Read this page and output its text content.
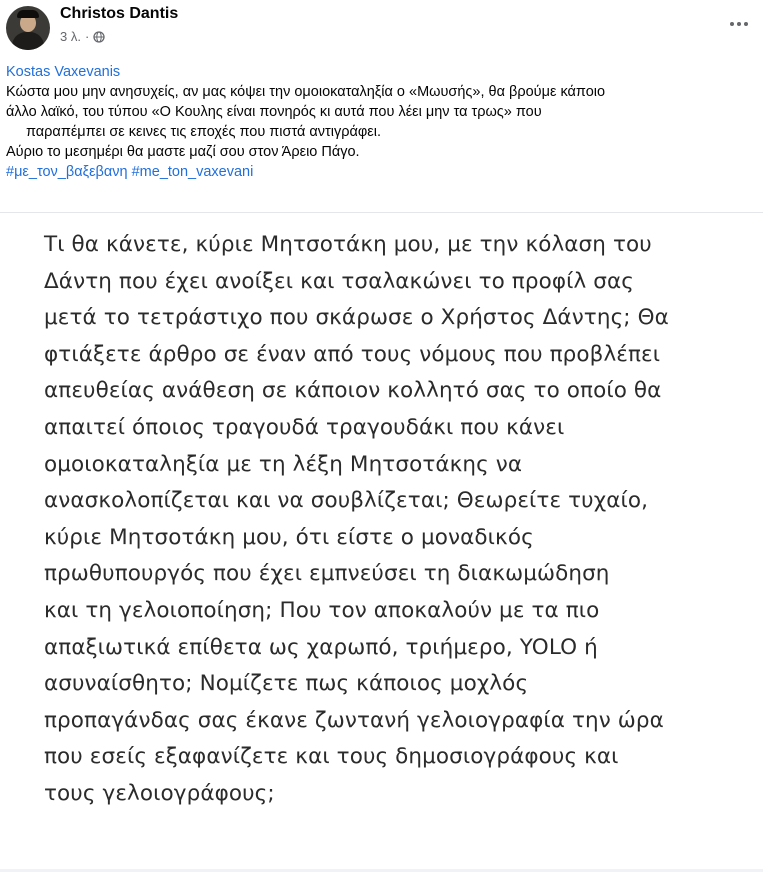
Christos Dantis
3 λ. ·
Kostas Vaxevanis
Κώστα μου μην ανησυχείς, αν μας κόψει την ομοιοκαταληξία ο «Μωυσής», θα βρούμε κάποιο
άλλο λαϊκό, του τύπου «Ο Κουλης είναι πονηρός κι αυτά που λέει μην τα τρως» που
παραπέμπει σε κεινες τις εποχές που πιστά αντιγράφει.
Αύριο το μεσημέρι θα μαστε μαζί σου στον Άρειο Πάγο.
#με_τον_βαξεβανη #me_ton_vaxevani
Τι θα κάνετε, κύριε Μητσοτάκη μου, με την κόλαση του
Δάντη που έχει ανοίξει και τσαλακώνει το προφίλ σας
μετά το τετράστιχο που σκάρωσε ο Χρήστος Δάντης; Θα
φτιάξετε άρθρο σε έναν από τους νόμους που προβλέπει
απευθείας ανάθεση σε κάποιον κολλητό σας το οποίο θα
απαιτεί όποιος τραγουδά τραγουδάκι που κάνει
ομοιοκαταληξία με τη λέξη Μητσοτάκης να
ανασκολοπίζεται και να σουβλίζεται; Θεωρείτε τυχαίο,
κύριε Μητσοτάκη μου, ότι είστε ο μοναδικός
πρωθυπουργός που έχει εμπνεύσει τη διακωμώδηση
και τη γελοιοποίηση; Που τον αποκαλούν με τα πιο
απαξιωτικά επίθετα ως χαρωπό, τριήμερο, YOLO ή
ασυναίσθητο; Νομίζετε πως κάποιος μοχλός
προπαγάνδας σας έκανε ζωντανή γελοιογραφία την ώρα
που εσείς εξαφανίζετε και τους δημοσιογράφους και
τους γελοιογράφους;
